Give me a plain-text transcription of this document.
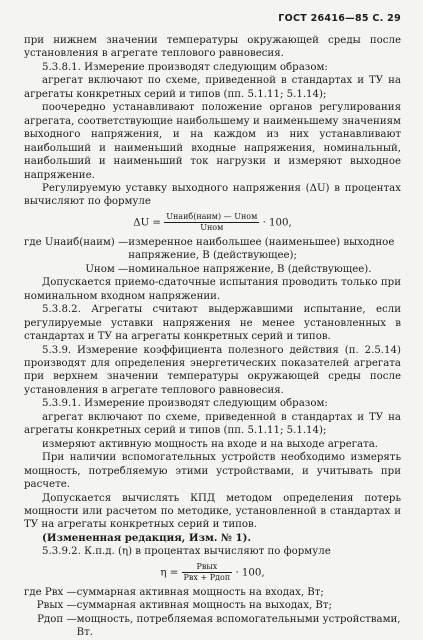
ГОСТ 26416—85 С. 29

при нижнем значении температуры окружающей среды после установления в агрегате теплового равновесия.

5.3.8.1. Измерение производят следующим образом:

агрегат включают по схеме, приведенной в стандартах и ТУ на агрегаты конкретных серий и типов (пп. 5.1.11; 5.1.14);

поочередно устанавливают положение органов регулирования агрегата, соответствующие наибольшему и наименьшему значениям выходного напряжения, и на каждом из них устанавливают наибольший и наименьший входные напряжения, номинальный, наибольший и наименьший ток нагрузки и измеряют выходное напряжение.

Регулируемую уставку выходного напряжения (ΔU) в процентах вычисляют по формуле

$\Delta U = \frac{\text{Uнаиб(наим) — Uном}}{\text{Uном}} \cdot 100$,
где Uнаиб(наим) — измеренное наибольшее (наименьшее) выходное напряжение, В (действующее);
Uном — номинальное напряжение, В (действующее).

Допускается приемо-сдаточные испытания проводить только при номинальном входном напряжении.

5.3.8.2. Агрегаты считают выдержавшими испытание, если регулируемые уставки напряжения не менее установленных в стандартах и ТУ на агрегаты конкретных серий и типов.

5.3.9. Измерение коэффициента полезного действия (п. 2.5.14) производят для определения энергетических показателей агрегата при верхнем значении температуры окружающей среды после установления в агрегате теплового равновесия.

5.3.9.1. Измерение производят следующим образом:

агрегат включают по схеме, приведенной в стандартах и ТУ на агрегаты конкретных серий и типов (пп. 5.1.11; 5.1.14);

измеряют активную мощность на входе и на выходе агрегата.

При наличии вспомогательных устройств необходимо измерять мощность, потребляемую этими устройствами, и учитывать при расчете.

Допускается вычислять КПД методом определения потерь мощности или расчетом по методике, установленной в стандартах и ТУ на агрегаты конкретных серий и типов.

(Измененная редакция, Изм. № 1).

5.3.9.2. К.п.д. (η) в процентах вычисляют по формуле

$\eta = \frac{\text{Pвых}}{\text{Pвх + Pдоп}} \cdot 100$,
где Pвх — суммарная активная мощность на входах, Вт;
Pвых — суммарная активная мощность на выходах, Вт;
Pдоп — мощность, потребляемая вспомогательными устройствами, Вт.
